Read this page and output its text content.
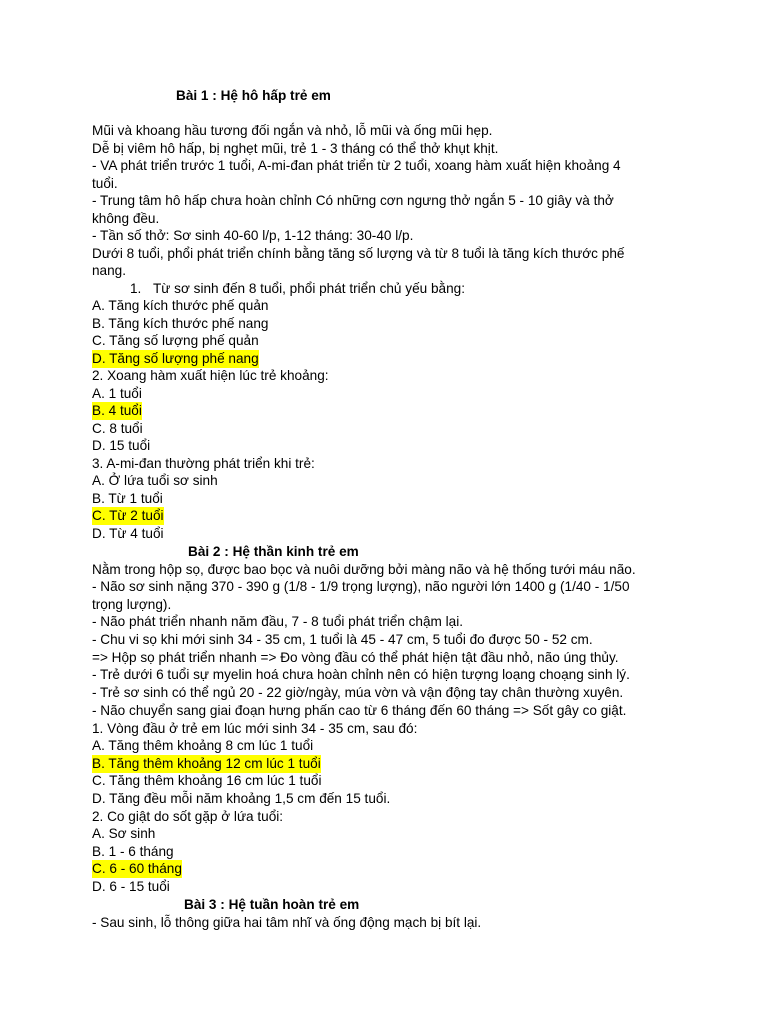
Bài 1 : Hệ hô hấp trẻ em
Mũi và khoang hầu tương đối ngắn và nhỏ, lỗ mũi và ống mũi hẹp.
Dễ bị viêm hô hấp, bị nghẹt mũi, trẻ 1 - 3 tháng có thể thở khụt khịt.
- VA phát triển trước 1 tuổi, A-mi-đan phát triển từ 2 tuổi, xoang hàm xuất hiện khoảng 4
tuổi.
- Trung tâm hô hấp chưa hoàn chỉnh Có những cơn ngưng thở ngắn 5 - 10 giây và thở
không đều.
- Tần số thở: Sơ sinh 40-60 l/p, 1-12 tháng: 30-40 l/p.
Dưới 8 tuổi, phổi phát triển chính bằng tăng số lượng và từ 8 tuổi là tăng kích thước phế
nang.
1. Từ sơ sinh đến 8 tuổi, phổi phát triển chủ yếu bằng:
A. Tăng kích thước phế quản
B. Tăng kích thước phế nang
C. Tăng số lượng phế quản
D. Tăng số lượng phế nang
2. Xoang hàm xuất hiện lúc trẻ khoảng:
A. 1 tuổi
B. 4 tuổi
C. 8 tuổi
D. 15 tuổi
3. A-mi-đan thường phát triển khi trẻ:
A. Ở lứa tuổi sơ sinh
B. Từ 1 tuổi
C. Từ 2 tuổi
D. Từ 4 tuổi
Bài 2 : Hệ thần kinh trẻ em
Nằm trong hộp sọ, được bao bọc và nuôi dưỡng bởi màng não và hệ thống tưới máu não.
- Não sơ sinh nặng 370 - 390 g (1/8 - 1/9 trọng lượng), não người lớn 1400 g (1/40 - 1/50
trọng lượng).
- Não phát triển nhanh năm đầu, 7 - 8 tuổi phát triển chậm lại.
- Chu vi sọ khi mới sinh 34 - 35 cm, 1 tuổi là 45 - 47 cm, 5 tuổi đo được 50 - 52 cm.
=> Hộp sọ phát triển nhanh => Đo vòng đầu có thể phát hiện tật đầu nhỏ, não úng thủy.
- Trẻ dưới 6 tuổi sự myelin hoá chưa hoàn chỉnh nên có hiện tượng loạng choạng sinh lý.
- Trẻ sơ sinh có thể ngủ 20 - 22 giờ/ngày, múa vờn và vận động tay chân thường xuyên.
- Não chuyển sang giai đoạn hưng phấn cao từ 6 tháng đến 60 tháng => Sốt gây co giật.
1. Vòng đầu ở trẻ em lúc mới sinh 34 - 35 cm, sau đó:
A. Tăng thêm khoảng 8 cm lúc 1 tuổi
B. Tăng thêm khoảng 12 cm lúc 1 tuổi
C. Tăng thêm khoảng 16 cm lúc 1 tuổi
D. Tăng đều mỗi năm khoảng 1,5 cm đến 15 tuổi.
2. Co giật do sốt gặp ở lứa tuổi:
A. Sơ sinh
B. 1 - 6 tháng
C. 6 - 60 tháng
D. 6 - 15 tuổi
Bài 3 : Hệ tuần hoàn trẻ em
- Sau sinh, lỗ thông giữa hai tâm nhĩ và ống động mạch bị bít lại.
